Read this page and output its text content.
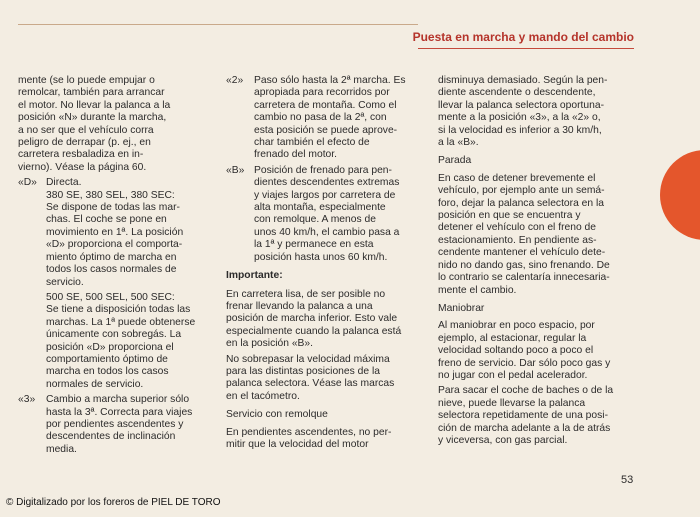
Puesta en marcha y mando del cambio

mente (se lo puede empujar o
remolcar, también para arrancar
el motor. No llevar la palanca a la
posición «N» durante la marcha,
a no ser que el vehículo corra
peligro de derrapar (p. ej., en
carretera resbaladiza en in-
vierno). Véase la página 60.

«D» Directa.
380 SE, 380 SEL, 380 SEC:
Se dispone de todas las mar-
chas. El coche se pone en
movimiento en 1ª. La posición
«D» proporciona el comporta-
miento óptimo de marcha en
todos los casos normales de
servicio.

500 SE, 500 SEL, 500 SEC:
Se tiene a disposición todas las
marchas. La 1ª puede obtenerse
únicamente con sobregás. La
posición «D» proporciona el
comportamiento óptimo de
marcha en todos los casos
normales de servicio.

«3»	Cambio a marcha superior sólo
hasta la 3ª. Correcta para viajes
por pendientes ascendentes y
descendentes de inclinación
media.
«2»	Paso sólo hasta la 2ª marcha. Es
apropiada para recorridos por
carretera de montaña. Como el
cambio no pasa de la 2ª, con
esta posición se puede aprove-
char también el efecto de
frenado del motor.
«B» Posición de frenado para pen-
dientes descendentes extremas
y viajes largos por carretera de
alta montaña, especialmente
con remolque. A menos de
unos 40 km/h, el cambio pasa a
la 1ª y permanece en esta
posición hasta unos 60 km/h.
Importante:

En carretera lisa, de ser posible no
frenar llevando la palanca a una
posición de marcha inferior. Esto vale
especialmente cuando la palanca está
en la posición «B».

No sobrepasar la velocidad máxima
para las distintas posiciones de la
palanca selectora. Véase las marcas
en el tacómetro.

Servicio con remolque

En pendientes ascendentes, no per-
mitir que la velocidad del motor

disminuya demasiado. Según la pen-
diente ascendente o descendente,
llevar la palanca selectora oportuna-
mente a la posición «3», a la «2» o,
si la velocidad es inferior a 30 km/h,
a la «B».

Parada

En caso de detener brevemente el
vehículo, por ejemplo ante un semá-
foro, dejar la palanca selectora en la
posición en que se encuentra y
detener el vehículo con el freno de
estacionamiento. En pendiente as-
cendente mantener el vehículo dete-
nido no dando gas, sino frenando. De
lo contrario se calentaría innecesaria-
mente el cambio.

Maniobrar

Al maniobrar en poco espacio, por
ejemplo, al estacionar, regular la
velocidad soltando poco a poco el
freno de servicio. Dar sólo poco gas y
no jugar con el pedal acelerador.

Para sacar el coche de baches o de la
nieve, puede llevarse la palanca
selectora repetidamente de una posi-
ción de marcha adelante a la de atrás
y viceversa, con gas parcial.

53
© Digitalizado por los foreros de PIEL DE TORO
